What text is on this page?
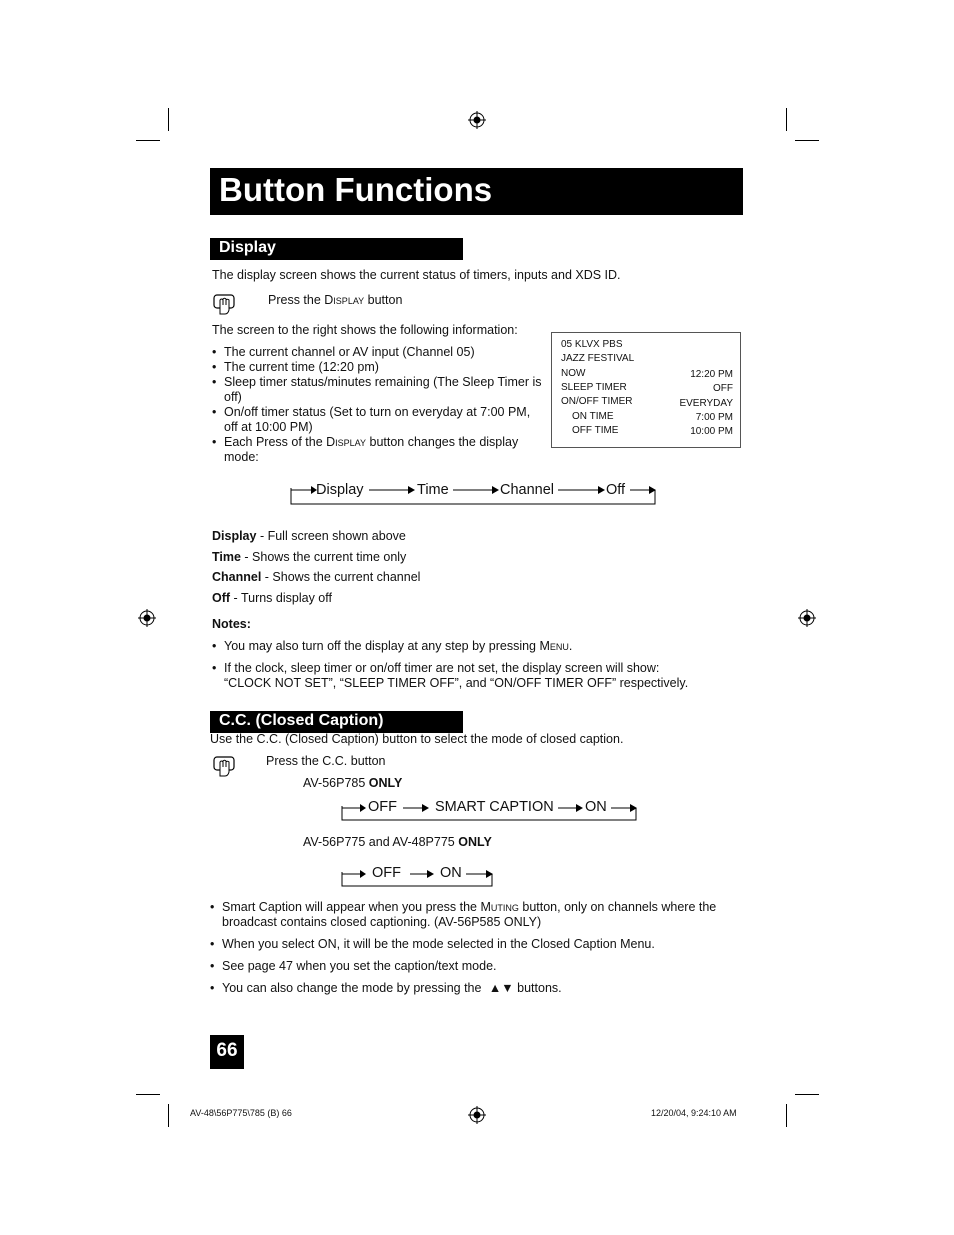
Button Functions
Display
The display screen shows the current status of timers, inputs and XDS ID.
Press the Display button
The screen to the right shows the following information:
• The current channel or AV input (Channel 05)
• The current time (12:20 pm)
• Sleep timer status/minutes remaining (The Sleep Timer is off)
• On/off timer status (Set to turn on everyday at 7:00 PM, off at 10:00 PM)
• Each Press of the Display button changes the display mode:
05 KLVX PBS
JAZZ FESTIVAL
NOW	12:20 PM
SLEEP TIMER	OFF
ON/OFF TIMER	EVERYDAY
ON TIME	7:00 PM
OFF TIME	10:00 PM
Display	Time	Channel	Off
Display - Full screen shown above
Time - Shows the current time only
Channel - Shows the current channel
Off - Turns display off
Notes:
• You may also turn off the display at any step by pressing Menu.
• If the clock, sleep timer or on/off timer are not set, the display screen will show:
“CLOCK NOT SET”, “SLEEP TIMER OFF”, and “ON/OFF TIMER OFF” respectively.
C.C. (Closed Caption)
Use the C.C. (Closed Caption) button to select the mode of closed caption.
Press the C.C. button
AV-56P785 ONLY
OFF	SMART CAPTION ON
AV-56P775 and AV-48P775 ONLY
OFF	ON
• Smart Caption will appear when you press the Muting button, only on channels where the
broadcast contains closed captioning. (AV-56P585 ONLY)
• When you select ON, it will be the mode selected in the Closed Caption Menu.
• See page 47 when you set the caption/text mode.
• You can also change the mode by pressing the ▲▼ buttons.
66
AV-48\56P775\785 (B) 66	12/20/04, 9:24:10 AM
